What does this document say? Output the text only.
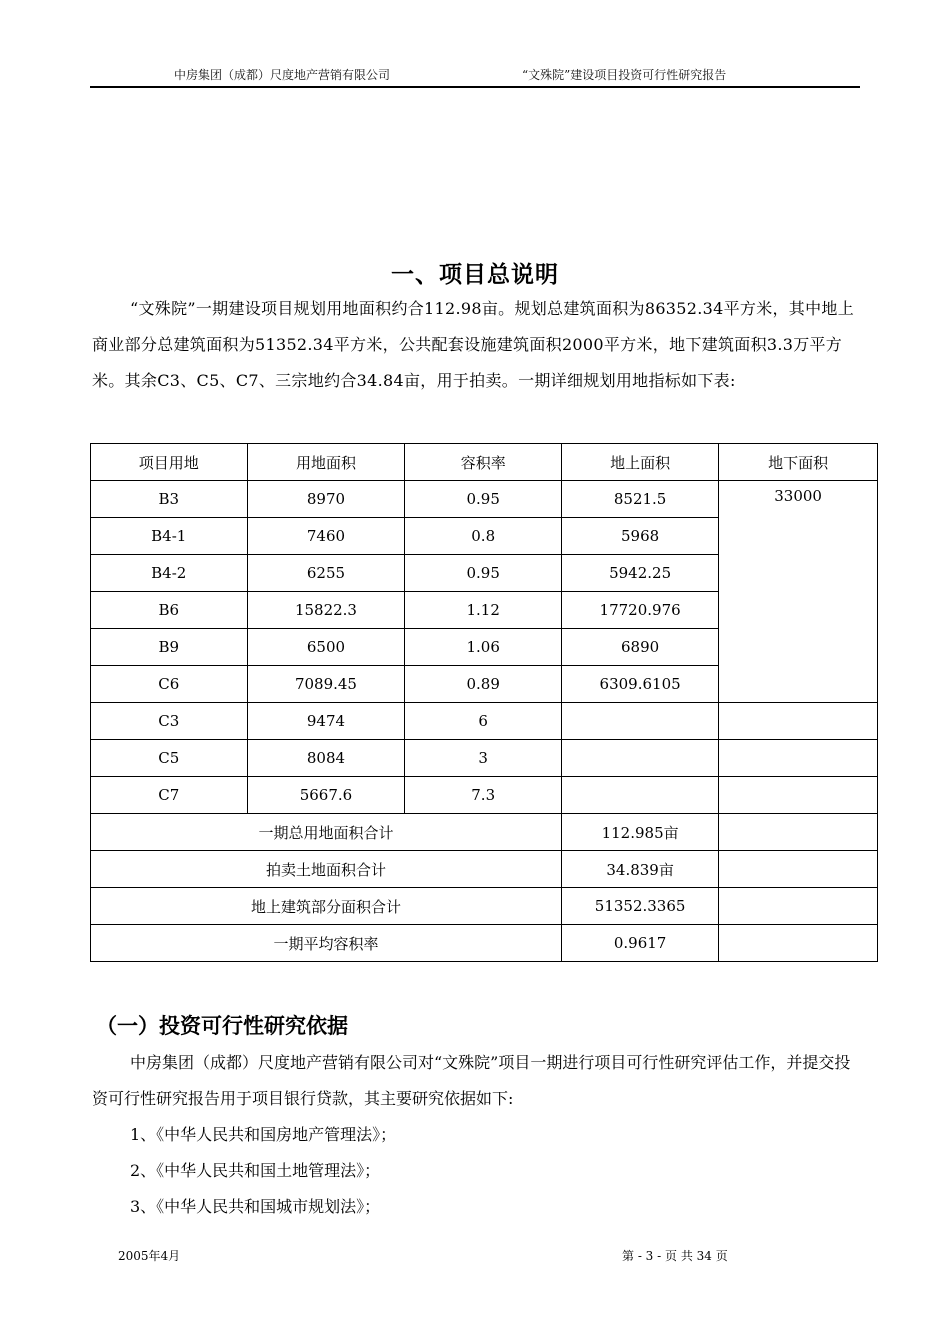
中房集团（成都）尺度地产营销有限公司	“文殊院”建设项目投资可行性研究报告
一、项目总说明

“文殊院”一期建设项目规划用地面积约合112.98亩。规划总建筑面积为86352.34平方米，其中地上商业部分总建筑面积为51352.34平方米，公共配套设施建筑面积2000平方米，地下建筑面积3.3万平方米。其余C3、C5、C7、三宗地约合34.84亩，用于拍卖。一期详细规划用地指标如下表:

项目用地	用地面积	容积率	地上面积	地下面积
B3	8970	0.95	8521.5	33000
B4-1	7460	0.8	5968	
B4-2	6255	0.95	5942.25	
B6	15822.3	1.12	17720.976	
B9	6500	1.06	6890	
C6	7089.45	0.89	6309.6105	
C3	9474	6		
C5	8084	3		
C7	5667.6	7.3		
一期总用地面积合计			112.985亩	
拍卖土地面积合计			34.839亩	
地上建筑部分面积合计			51352.3365	
一期平均容积率			0.9617	
（一）投资可行性研究依据

中房集团（成都）尺度地产营销有限公司对“文殊院”项目一期进行项目可行性研究评估工作，并提交投资可行性研究报告用于项目银行贷款，其主要研究依据如下:

1、《中华人民共和国房地产管理法》；

2、《中华人民共和国土地管理法》；

3、《中华人民共和国城市规划法》；

2005年4月	第 - 3 - 页 共 34 页
